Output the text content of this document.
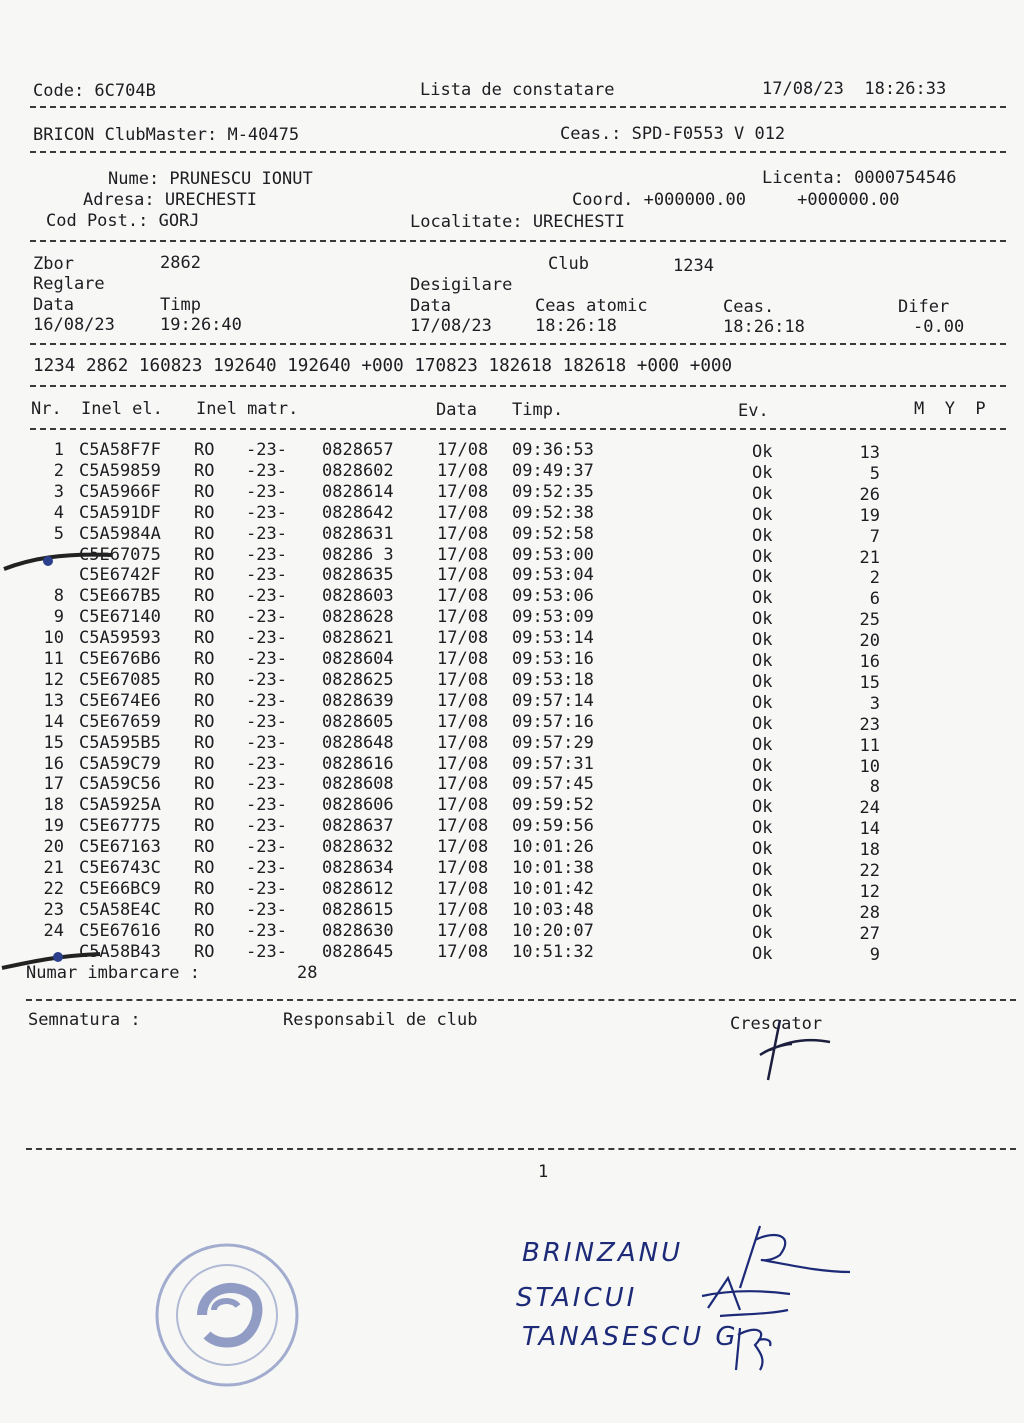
Code: 6C704B	Lista de constatare	17/08/23  18:26:33
BRICON ClubMaster: M-40475	Ceas.: SPD-F0553 V 012
Nume: PRUNESCU IONUT	Licenta: 0000754546
Adresa: URECHESTI	Coord. +000000.00     +000000.00
Cod Post.: GORJ	Localitate: URECHESTI
Zbor	2862	Club	1234
Reglare	Desigilare
Data	Timp	Data	Ceas atomic	Ceas.	Difer
16/08/23	19:26:40	17/08/23	18:26:18	18:26:18	-0.00
1234 2862 160823 192640 192640 +000 170823 182618 182618 +000 +000
Nr. Inel el. Inel matr.	Data Timp.	Ev.	M  Y  P
1 C5A58F7F RO -23- 0828657	17/08 09:36:53	Ok	13
2 C5A59859 RO -23- 0828602	17/08 09:49:37	Ok	5
3 C5A5966F RO -23- 0828614	17/08 09:52:35	Ok	26
4 C5A591DF RO -23- 0828642	17/08 09:52:38	Ok	19
5 C5A5984A RO -23- 0828631	17/08 09:52:58	Ok	7
C5E67075 RO -23- 08286 3	17/08 09:53:00	Ok	21
C5E6742F RO -23- 0828635	17/08 09:53:04	Ok	2
8 C5E667B5 RO -23- 0828603	17/08 09:53:06	Ok	6
9 C5E67140 RO -23- 0828628	17/08 09:53:09	Ok	25
10 C5A59593 RO -23- 0828621	17/08 09:53:14	Ok	20
11 C5E676B6 RO -23- 0828604	17/08 09:53:16	Ok	16
12 C5E67085 RO -23- 0828625	17/08 09:53:18	Ok	15
13 C5E674E6 RO -23- 0828639	17/08 09:57:14	Ok	3
14 C5E67659 RO -23- 0828605	17/08 09:57:16	Ok	23
15 C5A595B5 RO -23- 0828648	17/08 09:57:29	Ok	11
16 C5A59C79 RO -23- 0828616	17/08 09:57:31	Ok	10
17 C5A59C56 RO -23- 0828608	17/08 09:57:45	Ok	8
18 C5A5925A RO -23- 0828606	17/08 09:59:52	Ok	24
19 C5E67775 RO -23- 0828637	17/08 09:59:56	Ok	14
20 C5E67163 RO -23- 0828632	17/08 10:01:26	Ok	18
21 C5E6743C RO -23- 0828634	17/08 10:01:38	Ok	22
22 C5E66BC9 RO -23- 0828612	17/08 10:01:42	Ok	12
23 C5A58E4C RO -23- 0828615	17/08 10:03:48	Ok	28
24 C5E67616 RO -23- 0828630	17/08 10:20:07	Ok	27
C5A58B43 RO -23- 0828645	17/08 10:51:32	Ok	9
Numar imbarcare :	28
Semnatura :	Responsabil de club	Crescator
1
BRINZANU
STAICUI
TANASESCU G
